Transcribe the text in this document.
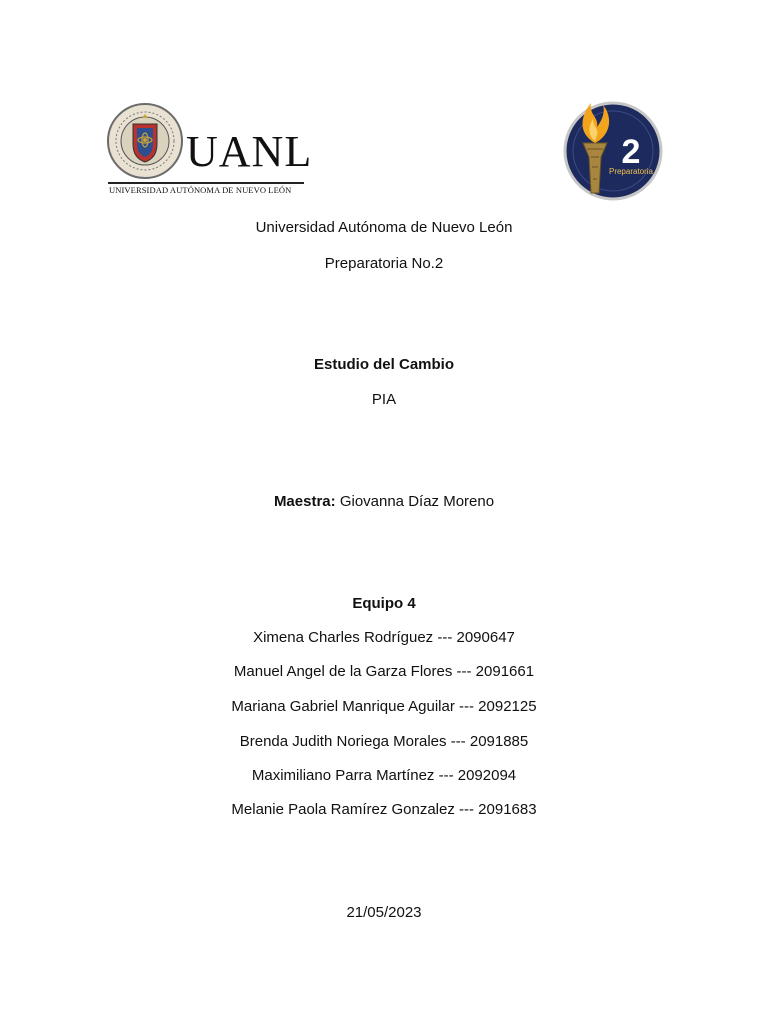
UANL
UNIVERSIDAD AUTÓNOMA DE NUEVO LEÓN
2
Preparatoria
Universidad Autónoma de Nuevo León
Preparatoria No.2
Estudio del Cambio
PIA
Maestra: Giovanna Díaz Moreno
Equipo 4
Ximena Charles Rodríguez --- 2090647
Manuel Angel de la Garza Flores --- 2091661
Mariana Gabriel Manrique Aguilar --- 2092125
Brenda Judith Noriega Morales --- 2091885
Maximiliano Parra Martínez --- 2092094
Melanie Paola Ramírez Gonzalez --- 2091683
21/05/2023
